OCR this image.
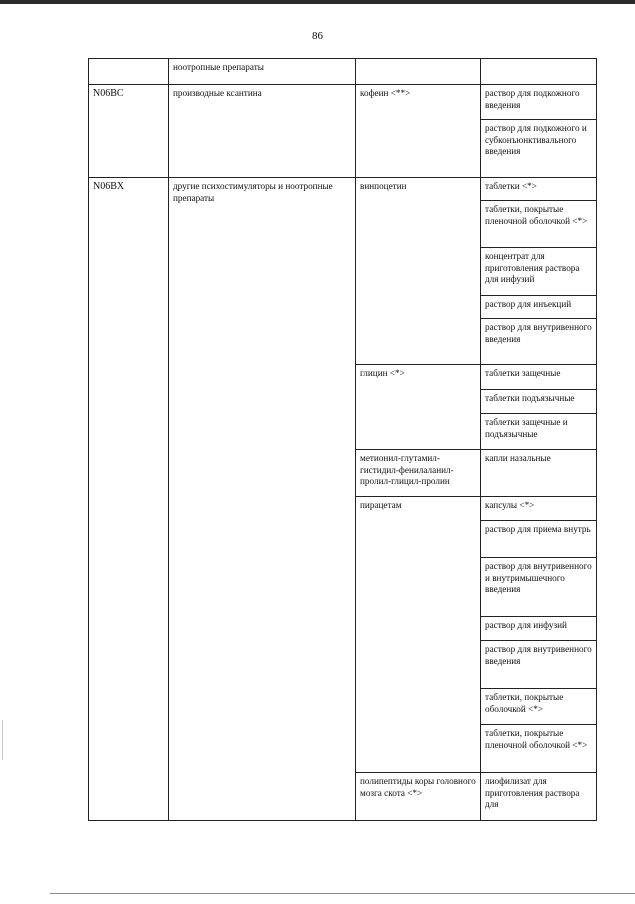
86
	ноотропные препараты		
N06BC	производные ксантина	кофеин <**>	раствор для подкожного введения
			раствор для подкожного и субконъюнктивального введения
N06BX	другие психостимуляторы и ноотропные препараты	винпоцетин	таблетки <*>
			таблетки, покрытые пленочной оболочкой <*>
			концентрат для приготовления раствора для инфузий
			раствор для инъекций
			раствор для внутривенного введения
		глицин <*>	таблетки защечные
			таблетки подъязычные
			таблетки защечные и подъязычные
		метионил-глутамил-гистидил-фенилаланил-пролил-глицил-пролин	капли назальные
		пирацетам	капсулы <*>
			раствор для приема внутрь
			раствор для внутривенного и внутримышечного введения
			раствор для инфузий
			раствор для внутривенного введения
			таблетки, покрытые оболочкой <*>
			таблетки, покрытые пленочной оболочкой <*>
		полипептиды коры головного мозга скота <*>	лиофилизат для приготовления раствора для
